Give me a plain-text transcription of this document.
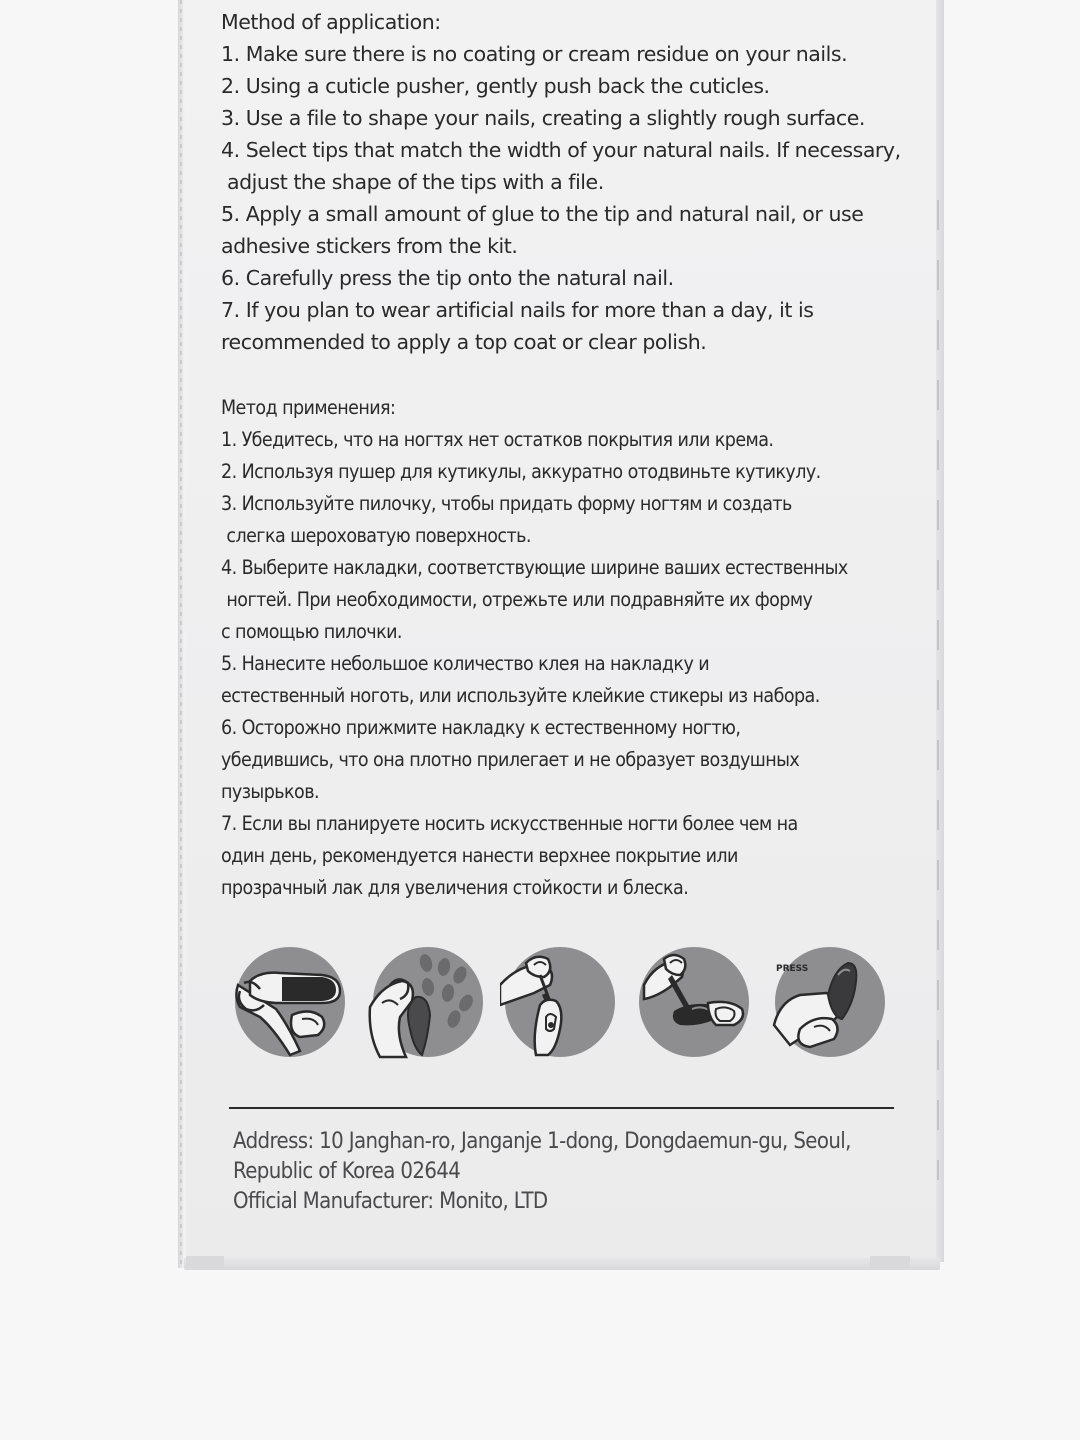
Method of application:
1. Make sure there is no coating or cream residue on your nails.
2. Using a cuticle pusher, gently push back the cuticles.
3. Use a file to shape your nails, creating a slightly rough surface.
4. Select tips that match the width of your natural nails. If necessary,
adjust the shape of the tips with a file.
5. Apply a small amount of glue to the tip and natural nail, or use
adhesive stickers from the kit.
6. Carefully press the tip onto the natural nail.
7. If you plan to wear artificial nails for more than a day, it is
recommended to apply a top coat or clear polish.
Метод применения:
1. Убедитесь, что на ногтях нет остатков покрытия или крема.
2. Используя пушер для кутикулы, аккуратно отодвиньте кутикулу.
3. Используйте пилочку, чтобы придать форму ногтям и создать
слегка шероховатую поверхность.
4. Выберите накладки, соответствующие ширине ваших естественных
ногтей. При необходимости, отрежьте или подравняйте их форму
с помощью пилочки.
5. Нанесите небольшое количество клея на накладку и
естественный ноготь, или используйте клейкие стикеры из набора.
6. Осторожно прижмите накладку к естественному ногтю,
убедившись, что она плотно прилегает и не образует воздушных
пузырьков.
7. Если вы планируете носить искусственные ногти более чем на
один день, рекомендуется нанести верхнее покрытие или
прозрачный лак для увеличения стойкости и блеска.
PRESS
Address: 10 Janghan-ro, Janganje 1-dong, Dongdaemun-gu, Seoul,
Republic of Korea 02644
Official Manufacturer: Monito, LTD
